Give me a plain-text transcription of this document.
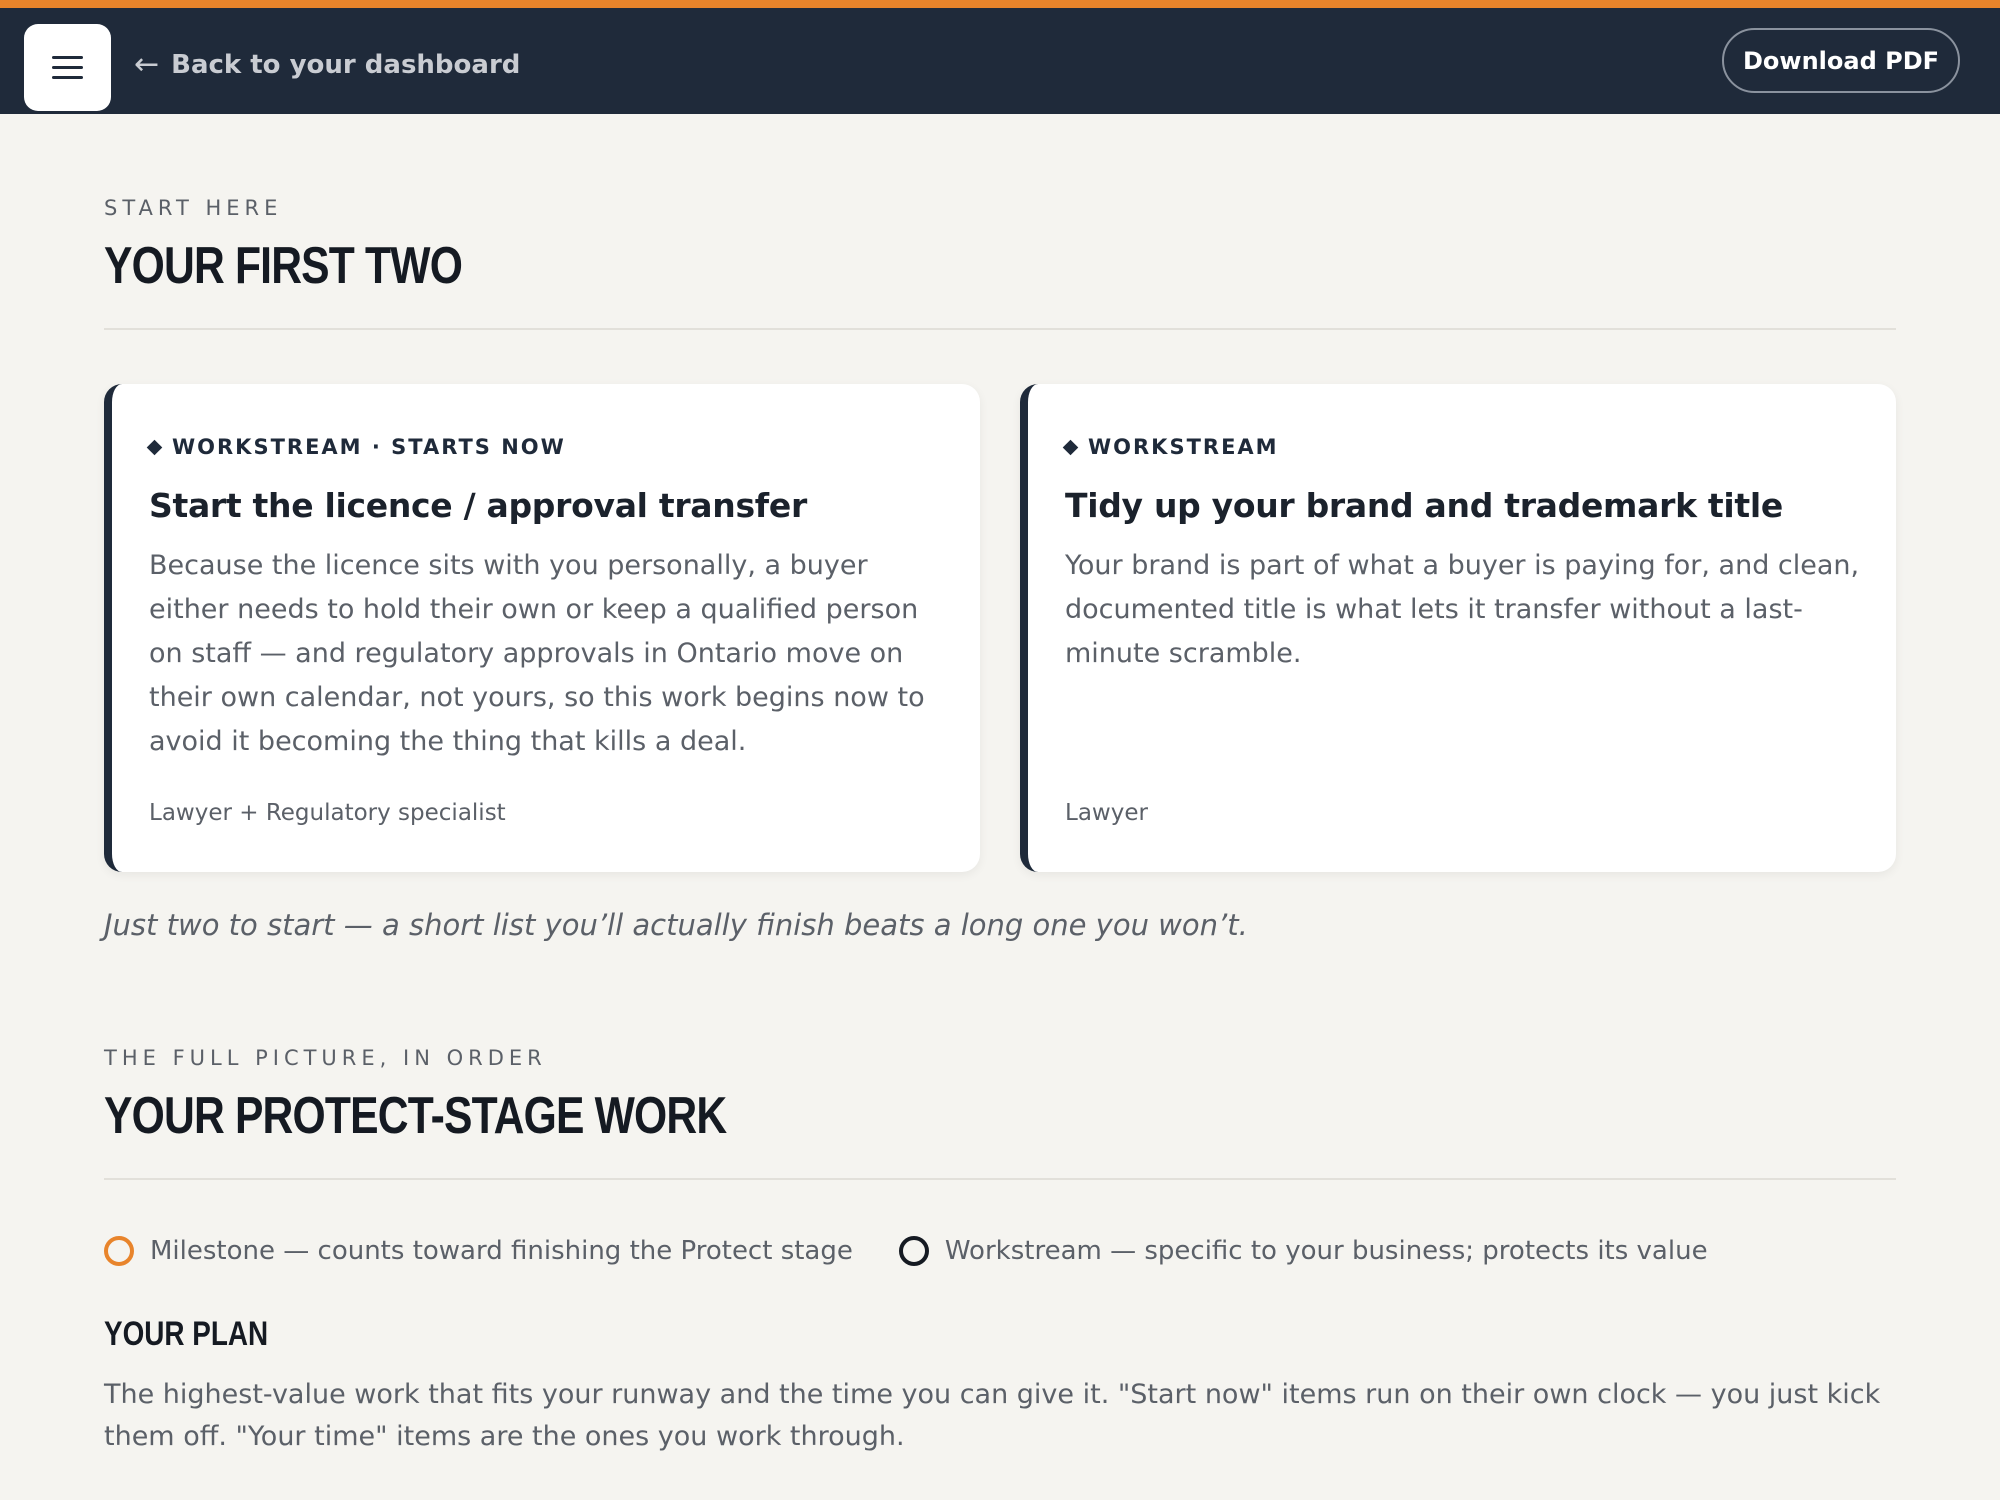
← Back to your dashboard	Download PDF
START HERE
YOUR FIRST TWO
WORKSTREAM · STARTS NOW
Start the licence / approval transfer
Because the licence sits with you personally, a buyer either needs to hold their own or keep a qualified person on staff — and regulatory approvals in Ontario move on their own calendar, not yours, so this work begins now to avoid it becoming the thing that kills a deal.
Lawyer + Regulatory specialist
WORKSTREAM
Tidy up your brand and trademark title
Your brand is part of what a buyer is paying for, and clean, documented title is what lets it transfer without a last-minute scramble.
Lawyer

Just two to start — a short list you’ll actually finish beats a long one you won’t.

THE FULL PICTURE, IN ORDER
YOUR PROTECT-STAGE WORK
Milestone — counts toward finishing the Protect stage	Workstream — specific to your business; protects its value
YOUR PLAN

The highest-value work that fits your runway and the time you can give it. "Start now" items run on their own clock — you just kick them off. "Your time" items are the ones you work through.
